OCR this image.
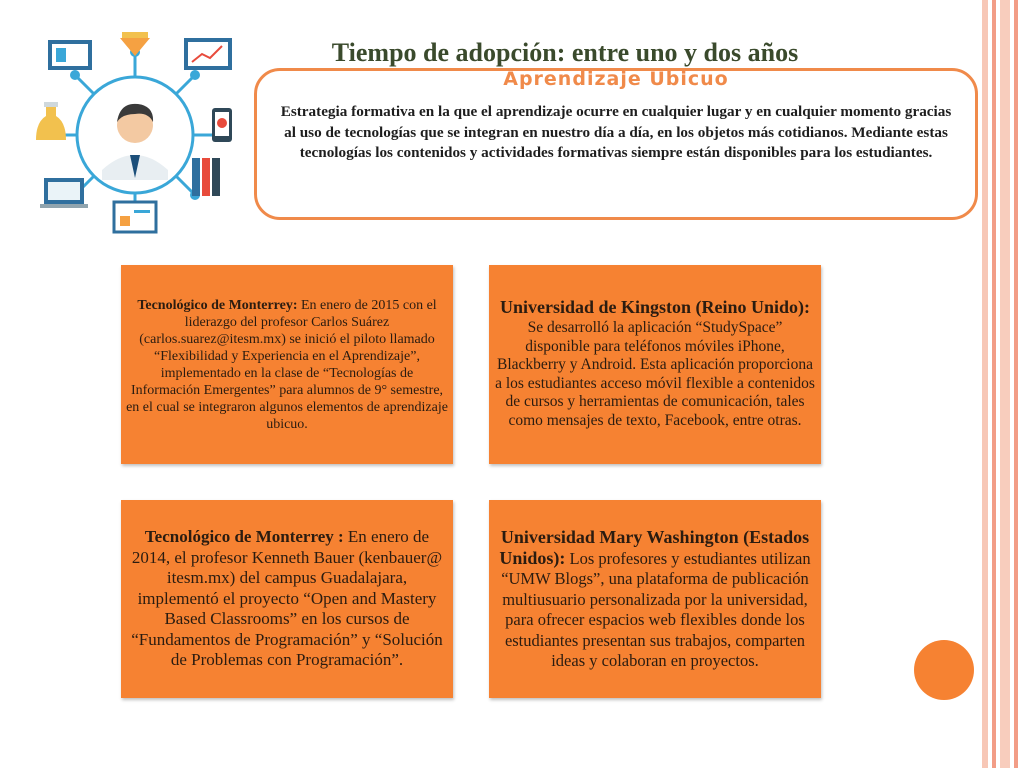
Tiempo de adopción: entre uno y dos años
Aprendizaje Ubicuo
Estrategia formativa en la que el aprendizaje ocurre en cualquier lugar y en cualquier momento gracias al uso de tecnologías que se integran en nuestro día a día, en los objetos más cotidianos. Mediante estas tecnologías los contenidos y actividades formativas siempre están disponibles para los estudiantes.
Tecnológico de Monterrey: En enero de 2015 con el liderazgo del profesor Carlos Suárez (carlos.suarez@itesm.mx) se inició el piloto llamado “Flexibilidad y Experiencia en el Aprendizaje”, implementado en la clase de “Tecnologías de Información Emergentes” para alumnos de 9° semestre, en el cual se integraron algunos elementos de aprendizaje ubicuo.
Universidad de Kingston (Reino Unido): Se desarrolló la aplicación “StudySpace” disponible para teléfonos móviles iPhone, Blackberry y Android. Esta aplicación proporciona a los estudiantes acceso móvil flexible a contenidos de cursos y herramientas de comunicación, tales como mensajes de texto, Facebook, entre otras.
Tecnológico de Monterrey : En enero de 2014, el profesor Kenneth Bauer (kenbauer@ itesm.mx) del campus Guadalajara, implementó el proyecto “Open and Mastery Based Classrooms” en los cursos de “Fundamentos de Programación” y “Solución de Problemas con Programación”.
Universidad Mary Washington (Estados Unidos): Los profesores y estudiantes utilizan “UMW Blogs”, una plataforma de publicación multiusuario personalizada por la universidad, para ofrecer espacios web flexibles donde los estudiantes presentan sus trabajos, comparten ideas y colaboran en proyectos.
